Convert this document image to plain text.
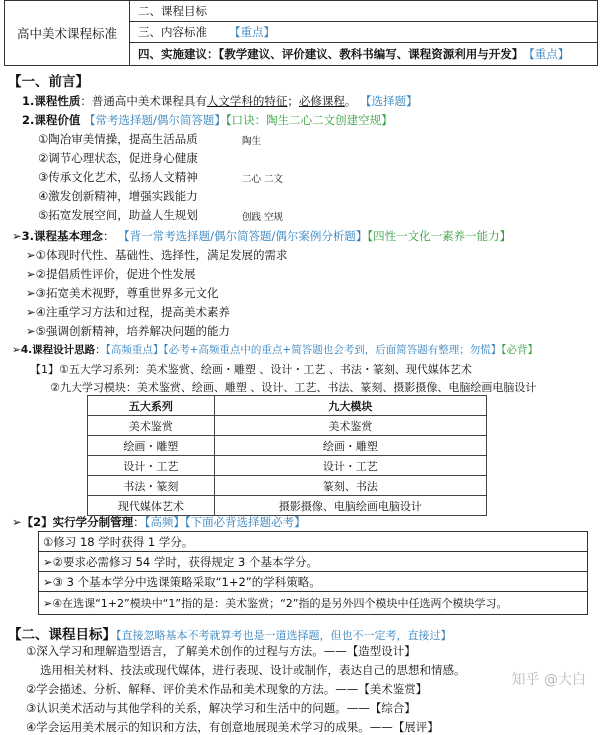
高中美术课程标准
二、课程目标
三、内容标准 【重点】
四、实施建议：【教学建议、评价建议、教科书编写、课程资源利用与开发】 【重点】
【一、前言】
1.课程性质：普通高中美术课程具有人文学科的特征；必修课程。 【选择题】
2.课程价值 【常考选择题/偶尔简答题】【口诀：陶生二心二文创建空规】
①陶冶审美情操，提高生活品质	陶生
②调节心理状态，促进身心健康
③传承文化艺术，弘扬人文精神	二心 二文
④激发创新精神，增强实践能力
⑤拓宽发展空间，助益人生规划	创践 空规
➢3.课程基本理念： 【背一常考选择题/偶尔简答题/偶尔案例分析题】【四性一文化一素养一能力】
➢①体现时代性、基础性、选择性，满足发展的需求
➢②提倡质性评价，促进个性发展
➢③拓宽美术视野，尊重世界多元文化
➢④注重学习方法和过程，提高美术素养
➢⑤强调创新精神，培养解决问题的能力
➢4.课程设计思路：【高频重点】【必考+高频重点中的重点+简答题也会考到，后面简答题有整理；勿慌】【必背】
【1】①五大学习系列：美术鉴赏、绘画・雕塑 、设计・工艺 、书法・篆刻、现代媒体艺术
②九大学习模块：美术鉴赏、绘画、雕塑 、设计、工艺、书法、篆刻、摄影摄像、电脑绘画电脑设计
五大系列	九大模块
美术鉴赏	美术鉴赏
绘画・雕塑	绘画・雕塑
设计・工艺	设计・工艺
书法・篆刻	篆刻、书法
现代媒体艺术	摄影摄像、电脑绘画电脑设计
➢【2】实行学分制管理：【高频】【下面必背选择题必考】
①修习 18 学时获得 1 学分。
➢ ②要求必需修习 54 学时，获得规定 3 个基本学分。
➢ ③ 3 个基本学分中选课策略采取“1+2”的学科策略。
➢ ④在选课“1+2”模块中“1”指的是：美术鉴赏；“2”指的是另外四个模块中任选两个模块学习。
【二、课程目标】【直接忽略基本不考就算考也是一道选择题，但也不一定考，直接过】
①深入学习和理解造型语言，了解美术创作的过程与方法。——【造型设计】
选用相关材料、技法或现代媒体，进行表现、设计或制作，表达自己的思想和情感。
②学会描述、分析、解释、评价美术作品和美术现象的方法。——【美术鉴赏】
③认识美术活动与其他学科的关系，解决学习和生活中的问题。——【综合】
④学会运用美术展示的知识和方法，有创意地展现美术学习的成果。——【展评】
知乎 @大白
